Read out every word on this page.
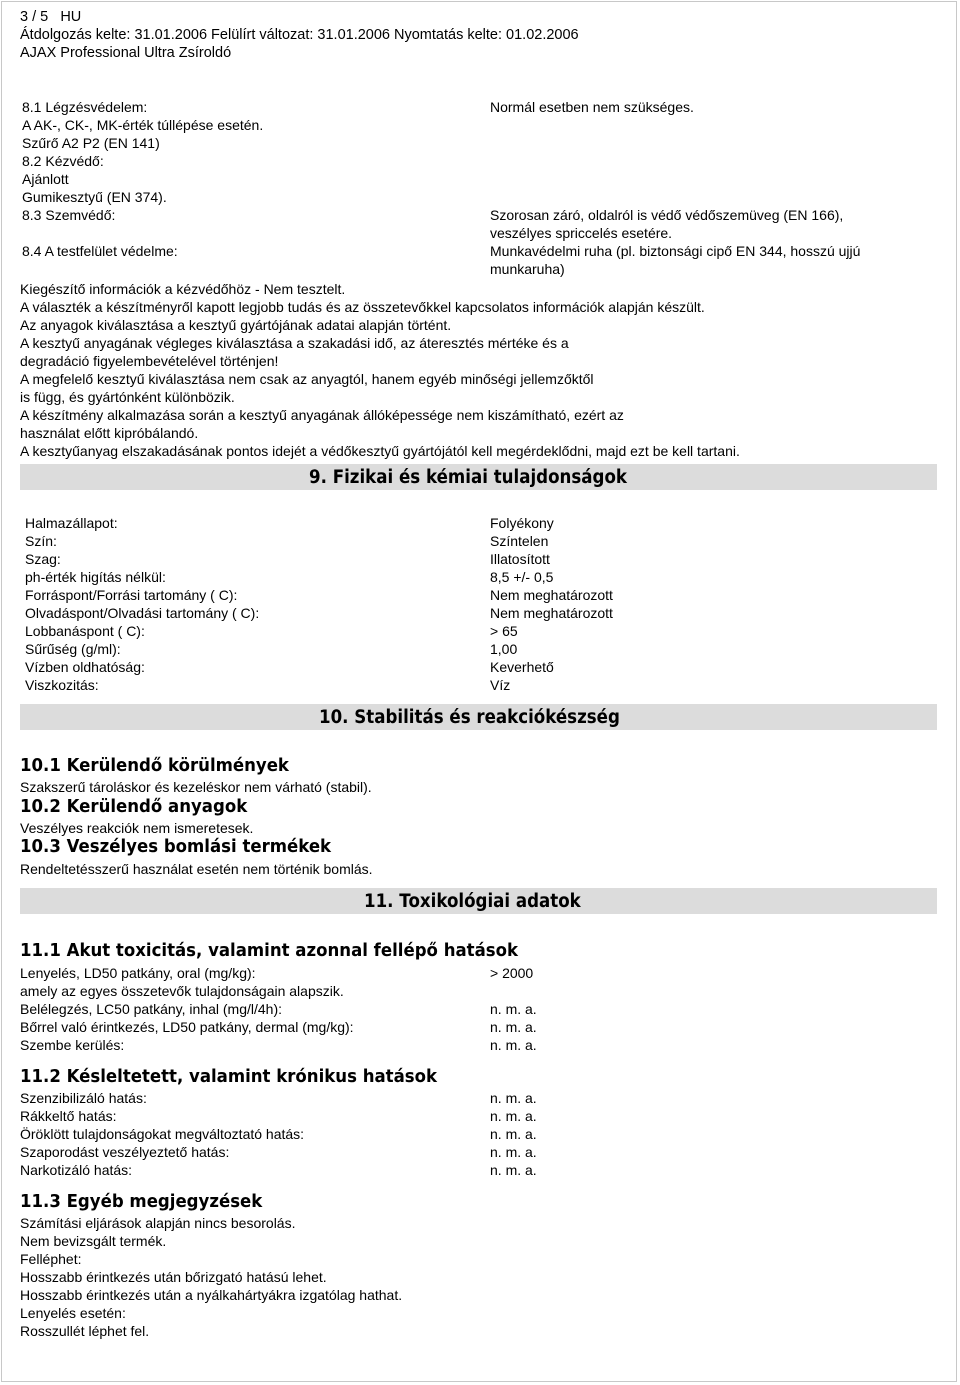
3 / 5 HU
Átdolgozás kelte: 31.01.2006 Felülírt változat: 31.01.2006 Nyomtatás kelte: 01.02.2006
AJAX Professional Ultra Zsíroldó
8.1 Légzésvédelem:	Normál esetben nem szükséges.
A AK-, CK-, MK-érték túllépése esetén.
Szűrő A2 P2 (EN 141)
8.2 Kézvédő:
Ajánlott
Gumikesztyű (EN 374).
8.3 Szemvédő:	Szorosan záró, oldalról is védő védőszemüveg (EN 166),
veszélyes spriccelés esetére.
8.4 A testfelület védelme:	Munkavédelmi ruha (pl. biztonsági cipő EN 344, hosszú ujjú
munkaruha)
Kiegészítő információk a kézvédőhöz - Nem tesztelt.
A választék a készítményről kapott legjobb tudás és az összetevőkkel kapcsolatos információk alapján készült.
Az anyagok kiválasztása a kesztyű gyártójának adatai alapján történt.
A kesztyű anyagának végleges kiválasztása a szakadási idő, az áteresztés mértéke és a
degradáció figyelembevételével történjen!
A megfelelő kesztyű kiválasztása nem csak az anyagtól, hanem egyéb minőségi jellemzőktől
is függ, és gyártónként különbözik.
A készítmény alkalmazása során a kesztyű anyagának állóképessége nem kiszámítható, ezért az
használat előtt kipróbálandó.
A kesztyűanyag elszakadásának pontos idejét a védőkesztyű gyártójától kell megérdeklődni, majd ezt be kell tartani.
9. Fizikai és kémiai tulajdonságok
Halmazállapot:	Folyékony
Szín:	Színtelen
Szag:	Illatosított
ph-érték higítás nélkül:	8,5 +/- 0,5
Forráspont/Forrási tartomány ( C):	Nem meghatározott
Olvadáspont/Olvadási tartomány ( C):	Nem meghatározott
Lobbanáspont ( C):	> 65
Sűrűség (g/ml):	1,00
Vízben oldhatóság:	Keverhető
Viszkozitás:	Víz
10. Stabilitás és reakciókészség
10.1 Kerülendő körülmények
Szakszerű tároláskor és kezeléskor nem várható (stabil).
10.2 Kerülendő anyagok
Veszélyes reakciók nem ismeretesek.
10.3 Veszélyes bomlási termékek
Rendeltetésszerű használat esetén nem történik bomlás.
11. Toxikológiai adatok
11.1 Akut toxicitás, valamint azonnal fellépő hatások
Lenyelés, LD50 patkány, oral (mg/kg):	> 2000
amely az egyes összetevők tulajdonságain alapszik.
Belélegzés, LC50 patkány, inhal (mg/l/4h):	n. m. a.
Bőrrel való érintkezés, LD50 patkány, dermal (mg/kg):	n. m. a.
Szembe kerülés:	n. m. a.
11.2 Késleltetett, valamint krónikus hatások
Szenzibilizáló hatás:	n. m. a.
Rákkeltő hatás:	n. m. a.
Öröklött tulajdonságokat megváltoztató hatás:	n. m. a.
Szaporodást veszélyeztető hatás:	n. m. a.
Narkotizáló hatás:	n. m. a.
11.3 Egyéb megjegyzések
Számítási eljárások alapján nincs besorolás.
Nem bevizsgált termék.
Felléphet:
Hosszabb érintkezés után bőrizgató hatású lehet.
Hosszabb érintkezés után a nyálkahártyákra izgatólag hathat.
Lenyelés esetén:
Rosszullét léphet fel.
